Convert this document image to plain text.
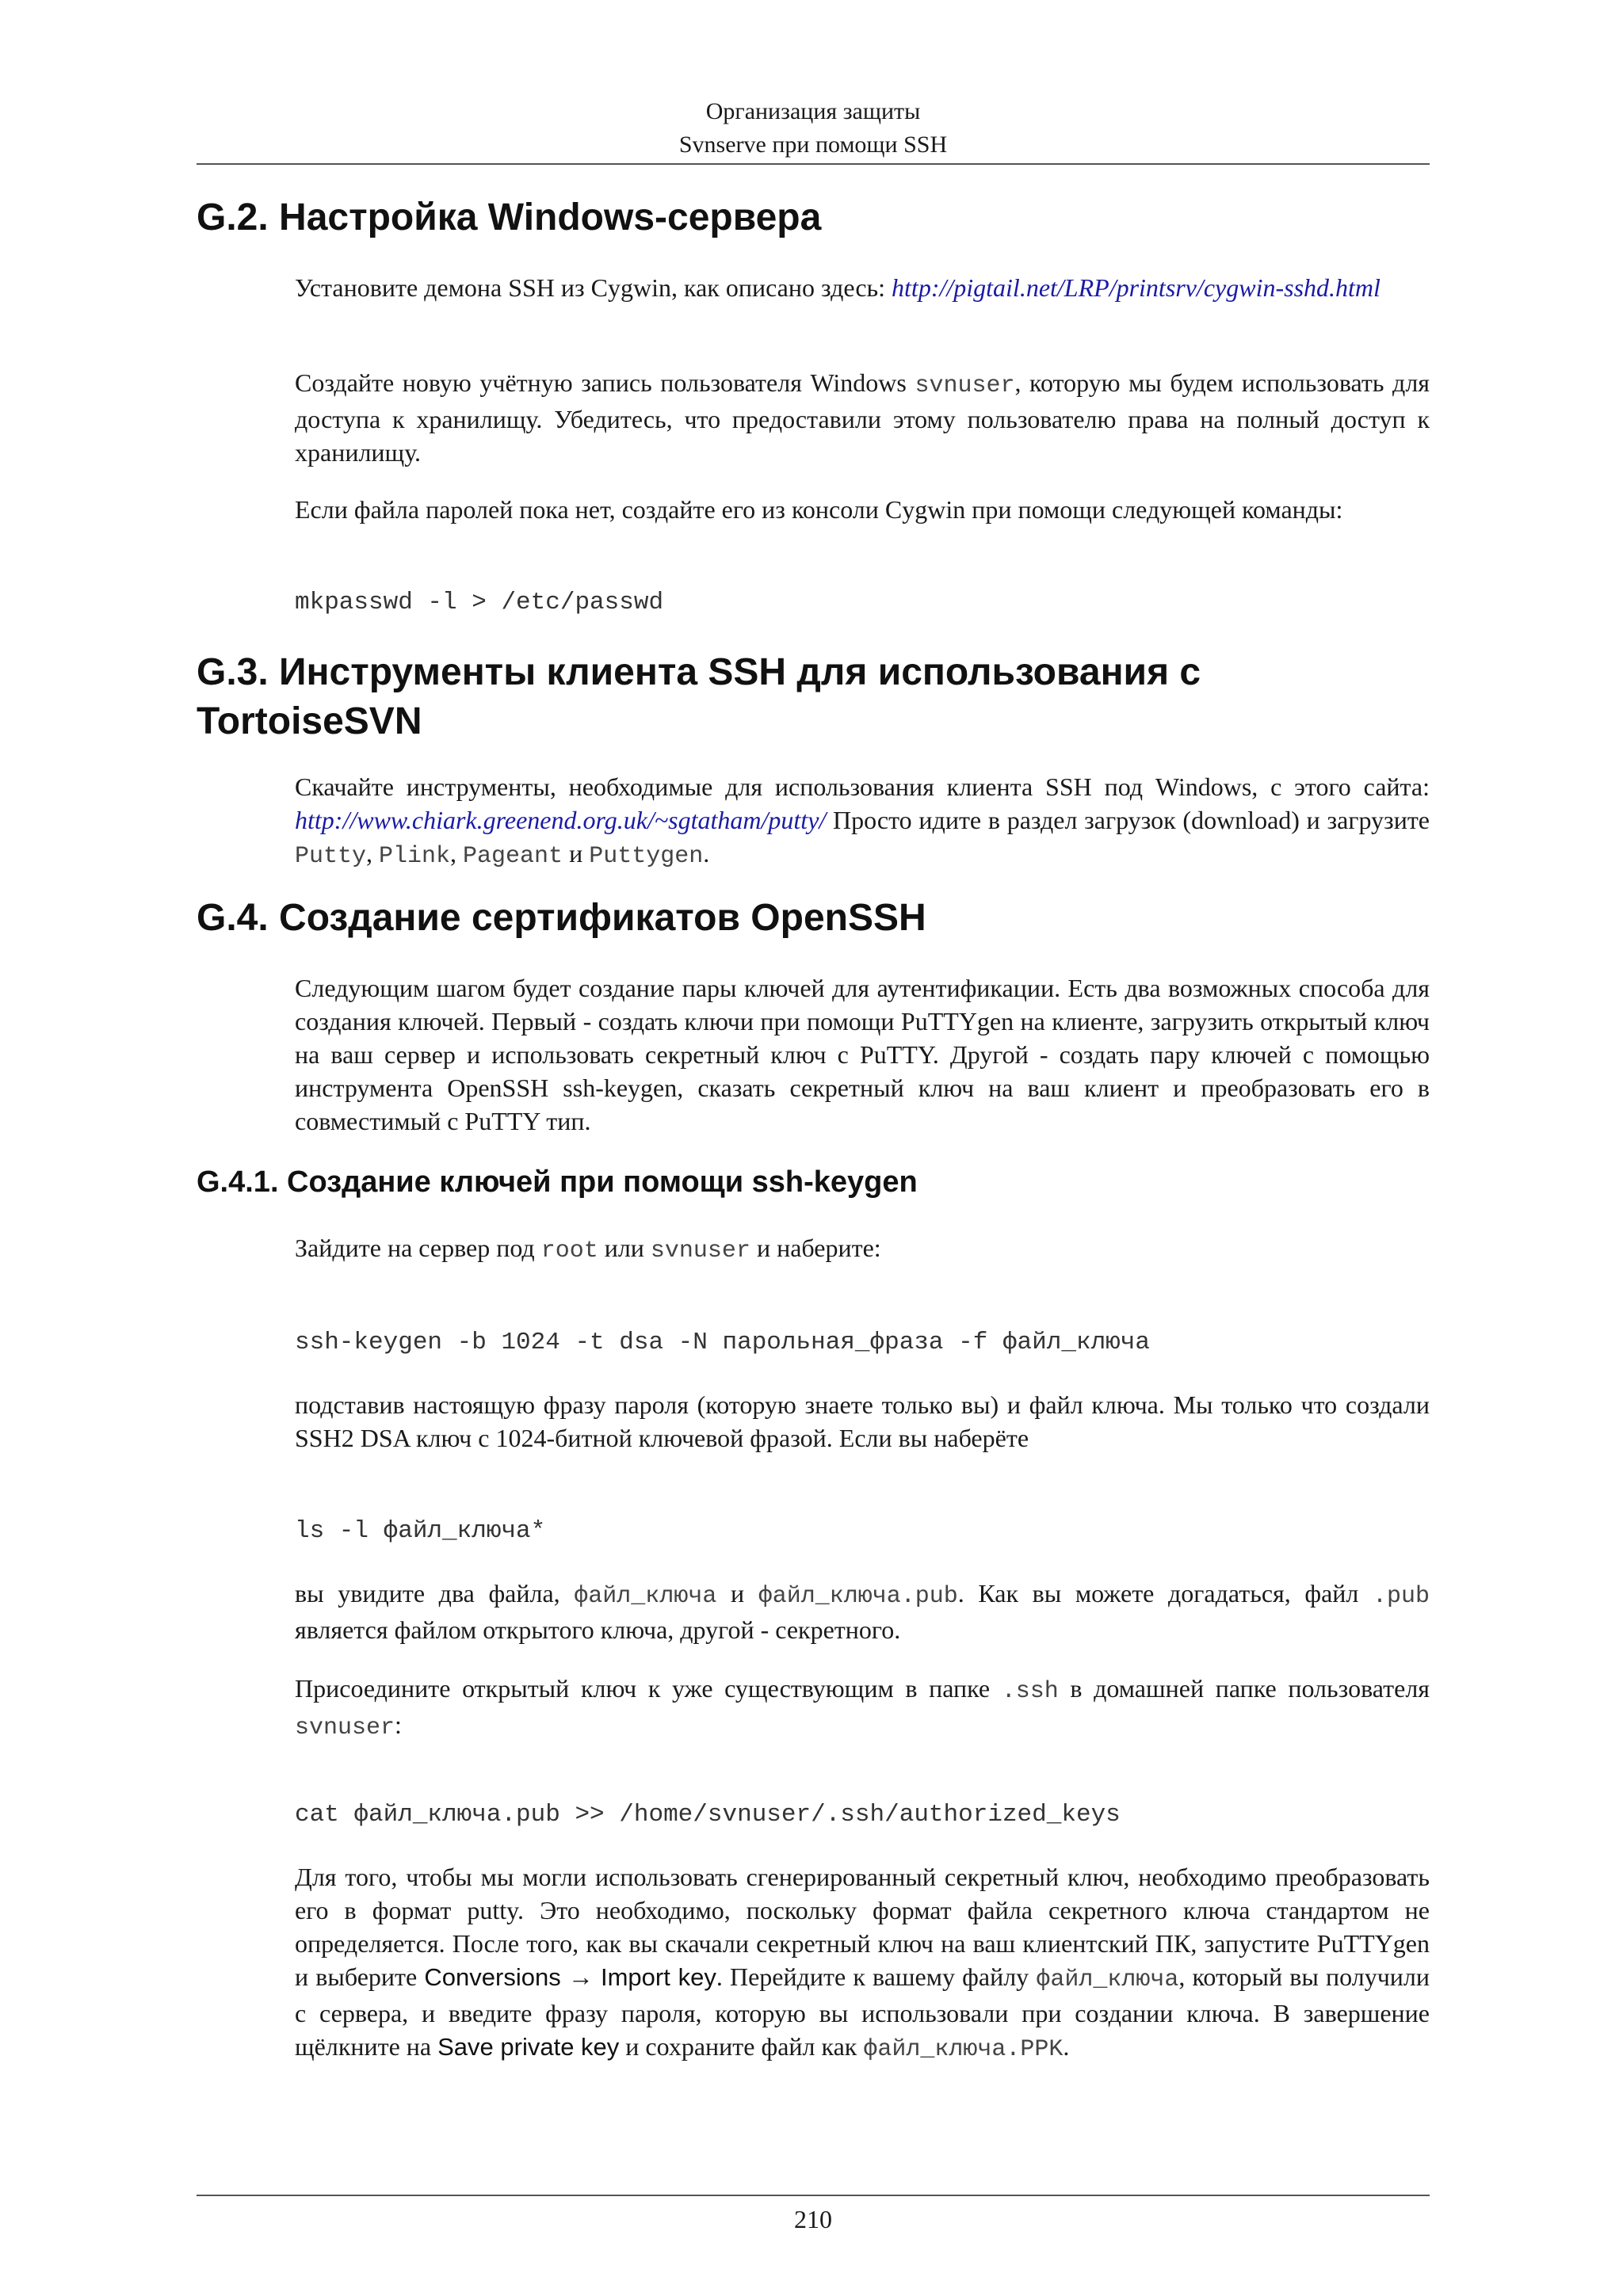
Организация защиты
Svnserve при помощи SSH
G.2. Настройка Windows-сервера

Установите демона SSH из Cygwin, как описано здесь: http://pigtail.net/LRP/printsrv/cygwin-sshd.html

Создайте новую учётную запись пользователя Windows svnuser, которую мы будем использовать для доступа к хранилищу. Убедитесь, что предоставили этому пользователю права на полный доступ к хранилищу.

Если файла паролей пока нет, создайте его из консоли Cygwin при помощи следующей команды:

mkpasswd -l > /etc/passwd
G.3. Инструменты клиента SSH для использования с
TortoiseSVN

Скачайте инструменты, необходимые для использования клиента SSH под Windows, с этого сайта: http://www.chiark.greenend.org.uk/~sgtatham/putty/ Просто идите в раздел загрузок (download) и загрузите Putty, Plink, Pageant и Puttygen.

G.4. Создание сертификатов OpenSSH

Следующим шагом будет создание пары ключей для аутентификации. Есть два возможных способа для создания ключей. Первый - создать ключи при помощи PuTTYgen на клиенте, загрузить открытый ключ на ваш сервер и использовать секретный ключ с PuTTY. Другой - создать пару ключей с помощью инструмента OpenSSH ssh-keygen, сказать секретный ключ на ваш клиент и преобразовать его в совместимый с PuTTY тип.

G.4.1. Создание ключей при помощи ssh-keygen

Зайдите на сервер под root или svnuser и наберите:

ssh-keygen -b 1024 -t dsa -N парольная_фраза -f файл_ключа

подставив настоящую фразу пароля (которую знаете только вы) и файл ключа. Мы только что создали SSH2 DSA ключ с 1024-битной ключевой фразой. Если вы наберёте

ls -l файл_ключа*

вы увидите два файла, файл_ключа и файл_ключа.pub. Как вы можете догадаться, файл .pub является файлом открытого ключа, другой - секретного.

Присоедините открытый ключ к уже существующим в папке .ssh в домашней папке пользователя svnuser:

cat файл_ключа.pub >> /home/svnuser/.ssh/authorized_keys

Для того, чтобы мы могли использовать сгенерированный секретный ключ, необходимо преобразовать его в формат putty. Это необходимо, поскольку формат файла секретного ключа стандартом не определяется. После того, как вы скачали секретный ключ на ваш клиентский ПК, запустите PuTTYgen и выберите Conversions → Import key. Перейдите к вашему файлу файл_ключа, который вы получили с сервера, и введите фразу пароля, которую вы использовали при создании ключа. В завершение щёлкните на Save private key и сохраните файл как файл_ключа.PPK.

210
